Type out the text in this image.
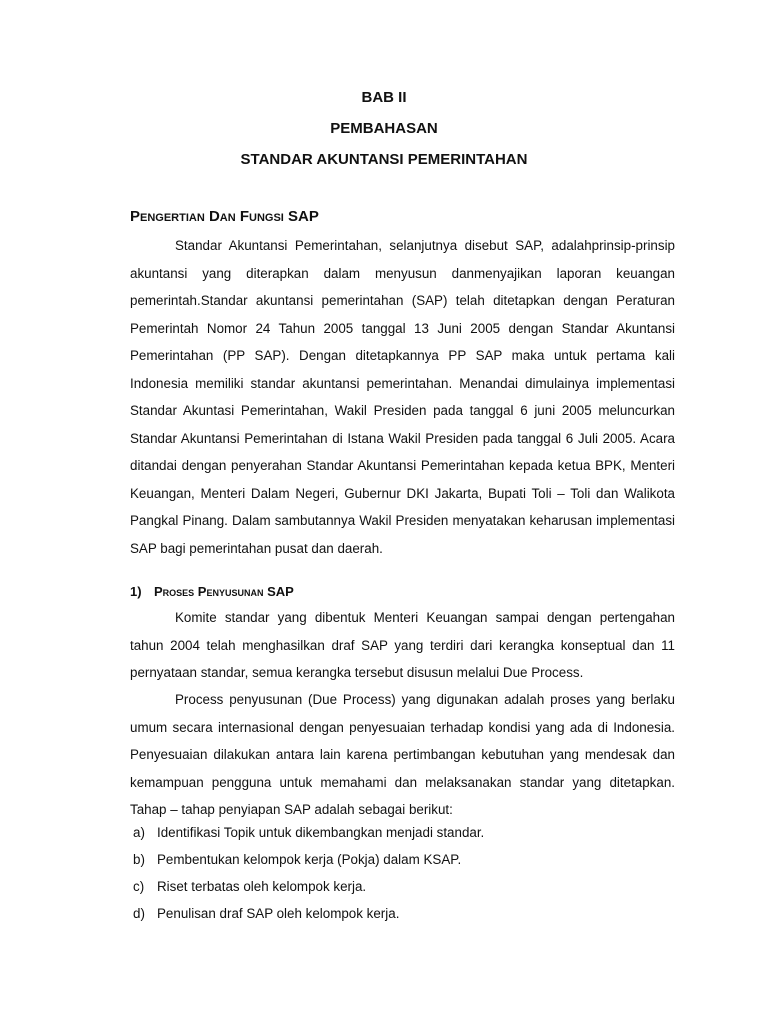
BAB II
PEMBAHASAN
STANDAR AKUNTANSI PEMERINTAHAN
Pengertian Dan Fungsi SAP
Standar Akuntansi Pemerintahan, selanjutnya disebut SAP, adalahprinsip-prinsip akuntansi yang diterapkan dalam menyusun danmenyajikan laporan keuangan pemerintah.Standar akuntansi pemerintahan (SAP) telah ditetapkan dengan Peraturan Pemerintah Nomor 24 Tahun 2005 tanggal 13 Juni 2005 dengan Standar Akuntansi Pemerintahan (PP SAP). Dengan ditetapkannya PP SAP maka untuk pertama kali Indonesia memiliki standar akuntansi pemerintahan. Menandai dimulainya implementasi Standar Akuntasi Pemerintahan, Wakil Presiden pada tanggal 6 juni 2005 meluncurkan Standar Akuntansi Pemerintahan di Istana Wakil Presiden pada tanggal 6 Juli 2005. Acara ditandai dengan penyerahan Standar Akuntansi Pemerintahan kepada ketua BPK, Menteri Keuangan, Menteri Dalam Negeri, Gubernur DKI Jakarta, Bupati Toli – Toli dan Walikota Pangkal Pinang. Dalam sambutannya Wakil Presiden menyatakan keharusan implementasi SAP bagi pemerintahan pusat dan daerah.
1) Proses Penyusunan SAP
Komite standar yang dibentuk Menteri Keuangan sampai dengan pertengahan tahun 2004 telah menghasilkan draf SAP yang terdiri dari kerangka konseptual dan 11 pernyataan standar, semua kerangka tersebut disusun melalui Due Process.
Process penyusunan (Due Process) yang digunakan adalah proses yang berlaku umum secara internasional dengan penyesuaian terhadap kondisi yang ada di Indonesia. Penyesuaian dilakukan antara lain karena pertimbangan kebutuhan yang mendesak dan kemampuan pengguna untuk memahami dan melaksanakan standar yang ditetapkan. Tahap – tahap penyiapan SAP adalah sebagai berikut:
a) Identifikasi Topik untuk dikembangkan menjadi standar.
b) Pembentukan kelompok kerja (Pokja) dalam KSAP.
c) Riset terbatas oleh kelompok kerja.
d) Penulisan draf SAP oleh kelompok kerja.
